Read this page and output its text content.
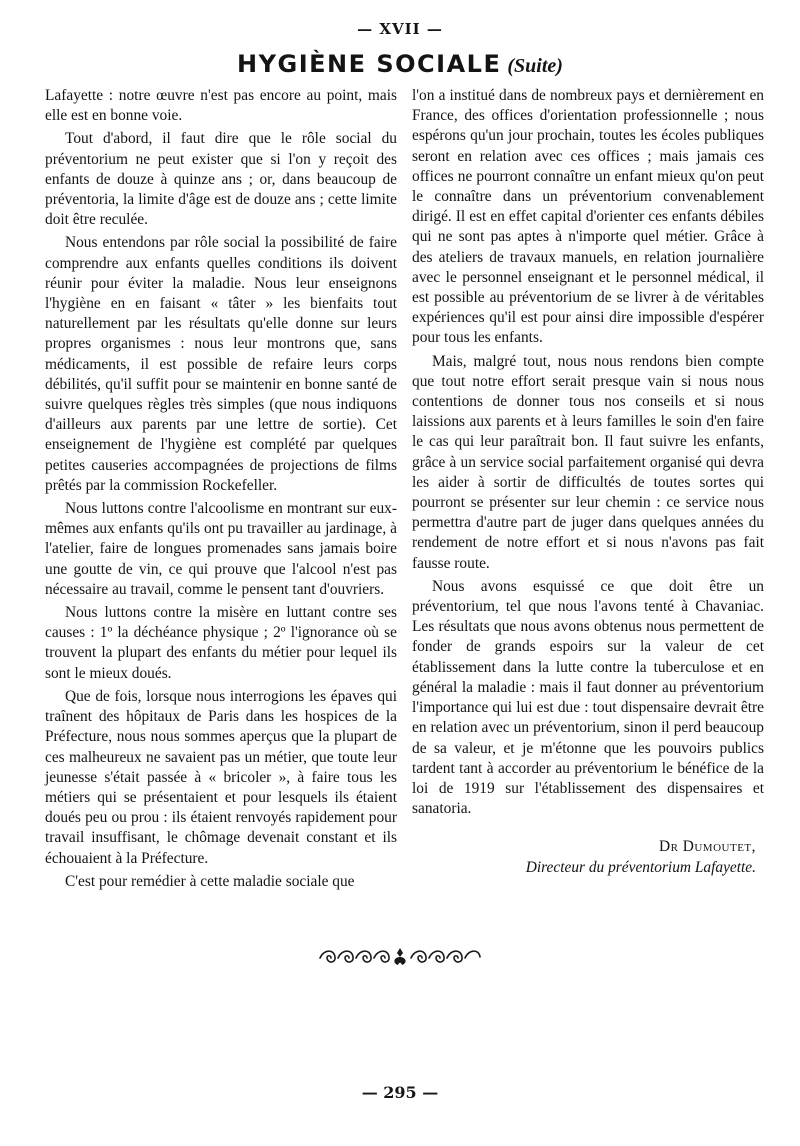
— XVII —
HYGIÈNE SOCIALE (Suite)

Lafayette : notre œuvre n'est pas encore au point, mais elle est en bonne voie.

Tout d'abord, il faut dire que le rôle social du préventorium ne peut exister que si l'on y reçoit des enfants de douze à quinze ans ; or, dans beaucoup de préventoria, la limite d'âge est de douze ans ; cette limite doit être reculée.

Nous entendons par rôle social la possibilité de faire comprendre aux enfants quelles conditions ils doivent réunir pour éviter la maladie. Nous leur enseignons l'hygiène en en faisant « tâter » les bienfaits tout naturellement par les résultats qu'elle donne sur leurs propres organismes : nous leur montrons que, sans médicaments, il est possible de refaire leurs corps débilités, qu'il suffit pour se maintenir en bonne santé de suivre quelques règles très simples (que nous indiquons d'ailleurs aux parents par une lettre de sortie). Cet enseignement de l'hygiène est complété par quelques petites causeries accompagnées de projections de films prêtés par la commission Rockefeller.

Nous luttons contre l'alcoolisme en montrant sur eux-mêmes aux enfants qu'ils ont pu travailler au jardinage, à l'atelier, faire de longues promenades sans jamais boire une goutte de vin, ce qui prouve que l'alcool n'est pas nécessaire au travail, comme le pensent tant d'ouvriers.

Nous luttons contre la misère en luttant contre ses causes : 1º la déchéance physique ; 2º l'ignorance où se trouvent la plupart des enfants du métier pour lequel ils sont le mieux doués.

Que de fois, lorsque nous interrogions les épaves qui traînent des hôpitaux de Paris dans les hospices de la Préfecture, nous nous sommes aperçus que la plupart de ces malheureux ne savaient pas un métier, que toute leur jeunesse s'était passée à « bricoler », à faire tous les métiers qui se présentaient et pour lesquels ils étaient doués peu ou prou : ils étaient renvoyés rapidement pour travail insuffisant, le chômage devenait constant et ils échouaient à la Préfecture.

C'est pour remédier à cette maladie sociale que

l'on a institué dans de nombreux pays et dernièrement en France, des offices d'orientation professionnelle ; nous espérons qu'un jour prochain, toutes les écoles publiques seront en relation avec ces offices ; mais jamais ces offices ne pourront connaître un enfant mieux qu'on peut le connaître dans un préventorium convenablement dirigé. Il est en effet capital d'orienter ces enfants débiles qui ne sont pas aptes à n'importe quel métier. Grâce à des ateliers de travaux manuels, en relation journalière avec le personnel enseignant et le personnel médical, il est possible au préventorium de se livrer à de véritables expériences qu'il est pour ainsi dire impossible d'espérer pour tous les enfants.

Mais, malgré tout, nous nous rendons bien compte que tout notre effort serait presque vain si nous nous contentions de donner tous nos conseils et si nous laissions aux parents et à leurs familles le soin d'en faire le cas qui leur paraîtrait bon. Il faut suivre les enfants, grâce à un service social parfaitement organisé qui devra les aider à sortir de difficultés de toutes sortes qui pourront se présenter sur leur chemin : ce service nous permettra d'autre part de juger dans quelques années du rendement de notre effort et si nous n'avons pas fait fausse route.

Nous avons esquissé ce que doit être un préventorium, tel que nous l'avons tenté à Chavaniac. Les résultats que nous avons obtenus nous permettent de fonder de grands espoirs sur la valeur de cet établissement dans la lutte contre la tuberculose et en général la maladie : mais il faut donner au préventorium l'importance qui lui est due : tout dispensaire devrait être en relation avec un préventorium, sinon il perd beaucoup de sa valeur, et je m'étonne que les pouvoirs publics tardent tant à accorder au préventorium le bénéfice de la loi de 1919 sur l'établissement des dispensaires et sanatoria.

Dr Dumoutet,
Directeur du préventorium Lafayette.
— 295 —
